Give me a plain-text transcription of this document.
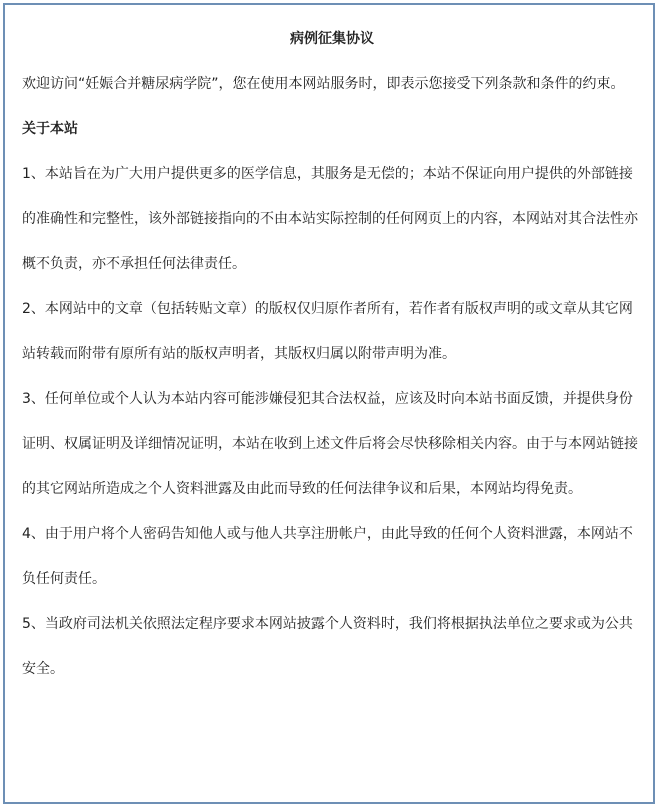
病例征集协议

欢迎访问“妊娠合并糖尿病学院”，您在使用本网站服务时，即表示您接受下列条款和条件的约束。

关于本站

1、本站旨在为广大用户提供更多的医学信息，其服务是无偿的；本站不保证向用户提供的外部链接的准确性和完整性，该外部链接指向的不由本站实际控制的任何网页上的内容，本网站对其合法性亦概不负责，亦不承担任何法律责任。

2、本网站中的文章（包括转贴文章）的版权仅归原作者所有，若作者有版权声明的或文章从其它网站转载而附带有原所有站的版权声明者，其版权归属以附带声明为准。

3、任何单位或个人认为本站内容可能涉嫌侵犯其合法权益，应该及时向本站书面反馈，并提供身份证明、权属证明及详细情况证明，本站在收到上述文件后将会尽快移除相关内容。由于与本网站链接的其它网站所造成之个人资料泄露及由此而导致的任何法律争议和后果，本网站均得免责。

4、由于用户将个人密码告知他人或与他人共享注册帐户，由此导致的任何个人资料泄露，本网站不负任何责任。

5、当政府司法机关依照法定程序要求本网站披露个人资料时，我们将根据执法单位之要求或为公共安全。
